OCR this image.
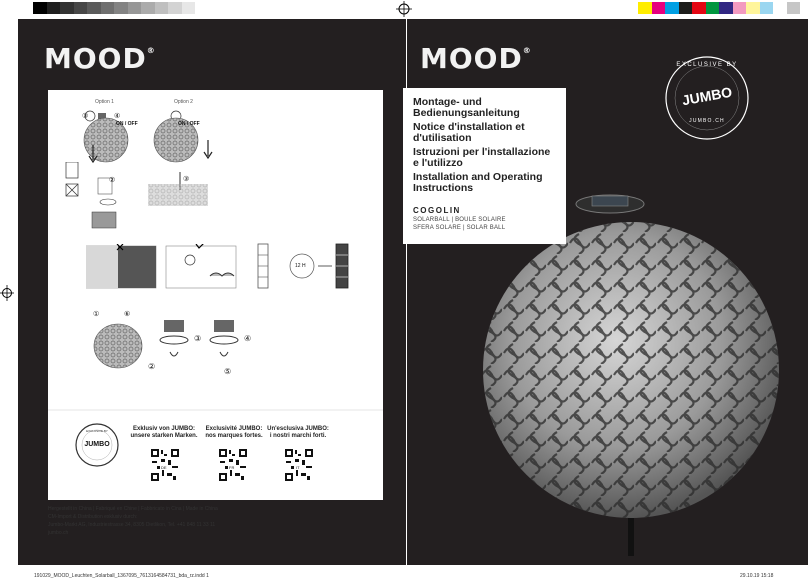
MOOD®
Option 1	Option 2
③	④
ON / OFF
②
ON / OFF
③
12 H
①	⑥
②
③	④
⑤
JUMBO
EXCLUSIVE BY	Exklusiv von JUMBO:
unsere starken Marken.
Exclusivité JUMBO:
nos marques fortes.
Un'esclusiva JUMBO:
i nostri marchi forti.
DE	FR	IT
Hergestellt in China | Fabriqué en Chine | Fabbricato in Cina | Made in China
CM-Import & Distribution exklusiv durch:
Jumbo-Markt AG, Industriestrasse 34, 8305 Dietlikon, Tel. +41 848 11 33 11
jumbo.ch
MOOD®
EXCLUSIVE BY
JUMBO
JUMBO.CH
Montage- und
Bedienungsanleitung
Notice d'installation et
d'utilisation
Istruzioni per l'installazione
e l'utilizzo
Installation and Operating
Instructions
COGOLIN
SOLARBALL | BOULE SOLAIRE
SFERA SOLARE | SOLAR BALL
191029_MOOD_Leuchten_Solarball_1367095_7613164584731_bda_rz.indd 1	29.10.19 15:18
